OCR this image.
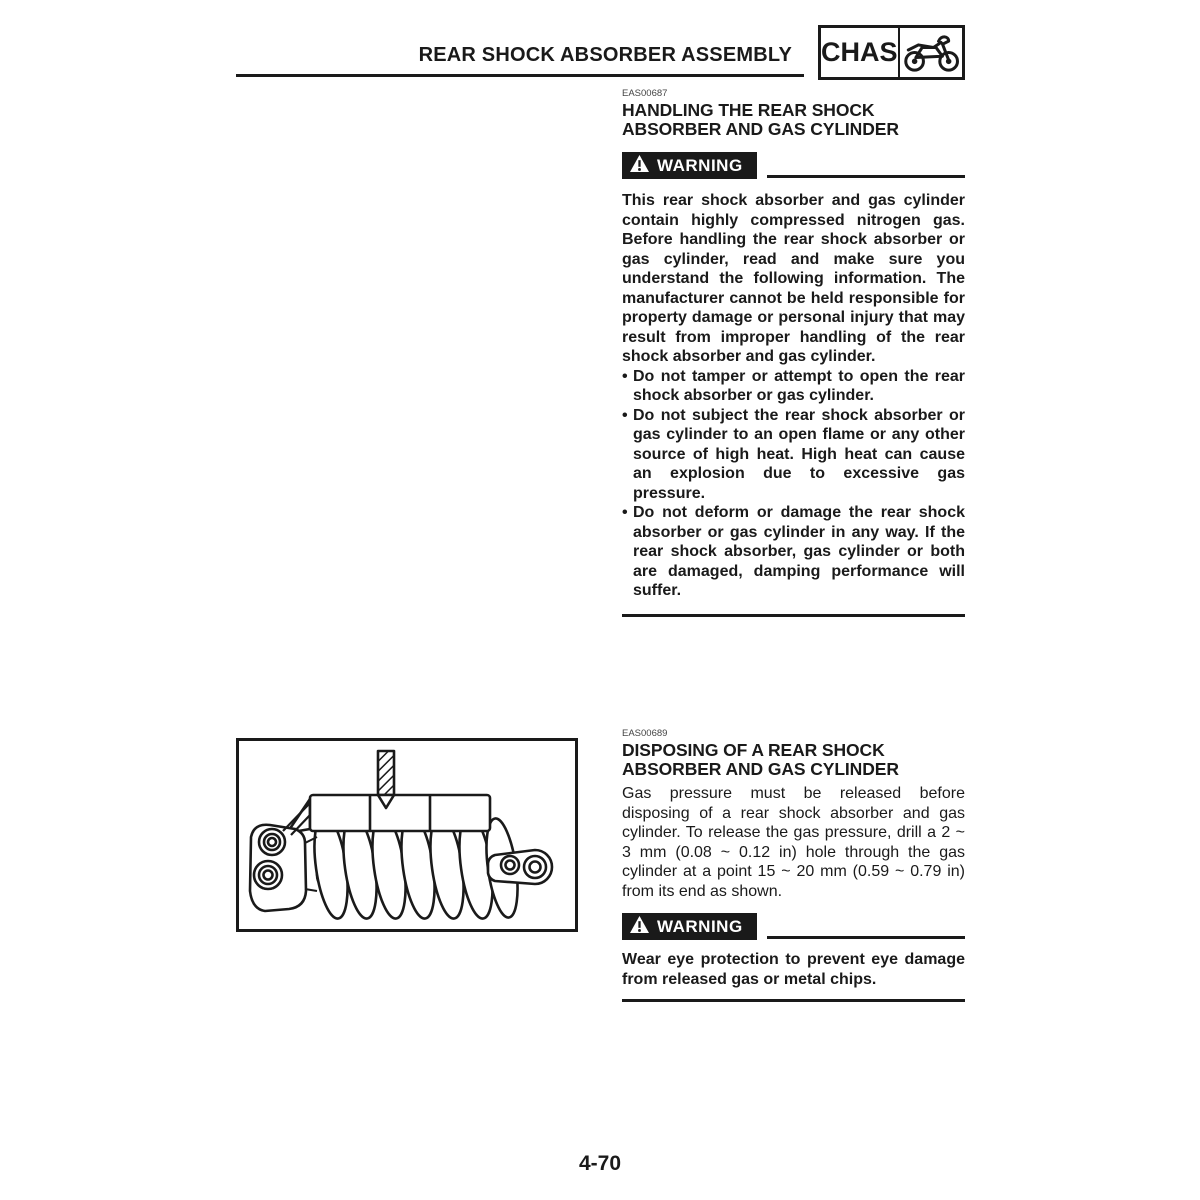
REAR SHOCK ABSORBER ASSEMBLY CHAS
EAS00687
HANDLING THE REAR SHOCK ABSORBER AND GAS CYLINDER
WARNING
This rear shock absorber and gas cylinder contain highly compressed nitrogen gas. Before handling the rear shock absorber or gas cylinder, read and make sure you understand the following information. The manufacturer cannot be held responsible for property damage or personal injury that may result from improper handling of the rear shock absorber and gas cylinder.
• Do not tamper or attempt to open the rear shock absorber or gas cylinder.
• Do not subject the rear shock absorber or gas cylinder to an open flame or any other source of high heat. High heat can cause an explosion due to excessive gas pressure.
• Do not deform or damage the rear shock absorber or gas cylinder in any way. If the rear shock absorber, gas cylinder or both are damaged, damping performance will suffer.
EAS00689
DISPOSING OF A REAR SHOCK ABSORBER AND GAS CYLINDER
Gas pressure must be released before disposing of a rear shock absorber and gas cylinder. To release the gas pressure, drill a 2 ~ 3 mm (0.08 ~ 0.12 in) hole through the gas cylinder at a point 15 ~ 20 mm (0.59 ~ 0.79 in) from its end as shown.
WARNING
Wear eye protection to prevent eye damage from released gas or metal chips.
4-70
